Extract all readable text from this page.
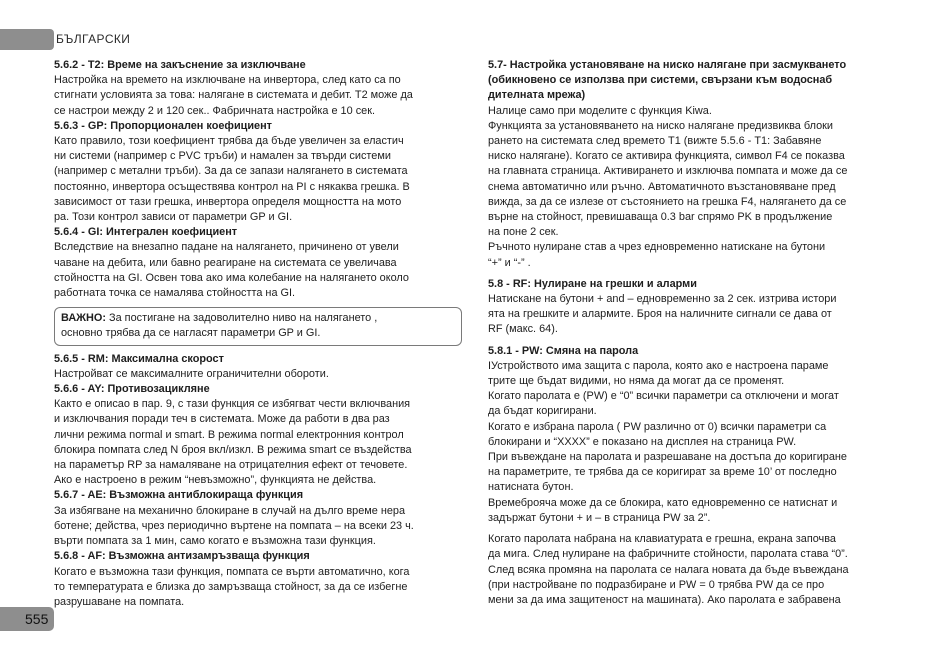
БЪЛГАРСКИ

5.6.2 - T2: Време на закъснение за изключване

Настройка на времето на изключване на инвертора, след като са по
стигнати условията за това: налягане в системата и дебит. T2 може да
се настрои между 2 и 120 сек.. Фабричната настройка е 10 сек.

5.6.3 - GP: Пропорционален коефициент

Като правило, този коефициент трябва да бъде увеличен за еластич
ни системи (например с PVC тръби) и намален за твърди системи
(например с метални тръби). За да се запази налягането в системата
постоянно, инвертора осъществява контрол на PI с някаква грешка. В
зависимост от тази грешка, инвертора определя мощността на мото
ра. Този контрол зависи от параметри GP и GI.

5.6.4 - GI: Интегрален коефициент

Вследствие на внезапно падане на налягането, причинено от увели
чаване на дебита, или бавно реагиране на системата се увеличава
стойността на GI. Освен това ако има колебание на налягането около
работната точка се намалява стойността на GI.

ВАЖНО: За постигане на задоволително ниво на налягането ,

основно трябва да се нагласят параметри GP и GI.

5.6.5 - RM: Максимална скорост

Настройват се максималните ограничителни обороти.

5.6.6 - AY: Противозацикляне

Както е описао в пар. 9, с тази функция се избягват чести включвания
и изключвания поради теч в системата. Може да работи в два раз
лични режима normal и smart. В режима normal електронния контрол
блокира помпата след N броя вкл/изкл. В режима smart се въздейства
на параметър RP за намаляване на отрицателния ефект от течовете.
Ако е настроено в режим “невъзможно”, функцията не действа.

5.6.7 - AE: Възможна антиблокираща функция

За избягване на механично блокиране в случай на дълго време нера
ботене; действа, чрез периодично въртене на помпата – на всеки 23 ч.
върти помпата за 1 мин, само когато е възможна тази функция.

5.6.8 - AF: Възможна антизамръзваща функция

Когато е възможна тази функция, помпата се върти автоматично, кога
то температурата е близка до замръзваща стойност, за да се избегне
разрушаване на помпата.
5.7- Настройка установяване на ниско налягане при засмукването
(обикновено се използва при системи, свързани към водоснаб
дителната мрежа)
Налице само при моделите с функция Kiwa.
Функцията за установяването на ниско налягане предизвиква блоки
рането на системата след времето T1 (вижте 5.5.6 - T1: Забавяне
ниско налягане). Когато се активира функцията, символ F4 се показва
на главната страница. Активирането и изключва помпата и може да се
снема автоматично или ръчно. Автоматичното възстановяване пред
вижда, за да се излезе от състоянието на грешка F4, налягането да се
върне на стойност, превишаваща 0.3 bar спрямо PK в продължение
на поне 2 сек.
Ръчното нулиране став а чрез едновременно натискане на бутони
“+” и “-” .

5.8 - RF: Нулиране на грешки и аларми

Натискане на бутони + and – едновременно за 2 сек. изтрива истори
ята на грешките и алармите. Броя на наличните сигнали се дава от
RF (макс. 64).

5.8.1 - PW: Смяна на парола

IУстройството има защита с парола, която ако е настроена параме
трите ще бъдат видими, но няма да могат да се променят.
Когато паролата е (PW) е “0” всички параметри са отключени и могат
да бъдат коригирани.
Когато е избрана парола ( PW различно от 0) всички параметри са
блокирани и “XXXX” е показано на дисплея на страница PW.
При въвеждане на паролата и разрешаване на достъпа до коригиране
на параметрите, те трябва да се коригират за време 10’ от последно
натисната бутон.
Времеброяча може да се блокира, като едновременно се натиснат и
задържат бутони + и – в страница PW за 2”.
Когато паролата набрана на клавиатурата е грешна, екрана започва
да мига. След нулиране на фабричните стойности, паролата става “0”.
След всяка промяна на паролата се налага новата да бъде въвеждана
(при настройване по подразбиране и PW = 0 трябва PW да се про
мени за да има защитеност на машината). Ако паролата е забравена
555
